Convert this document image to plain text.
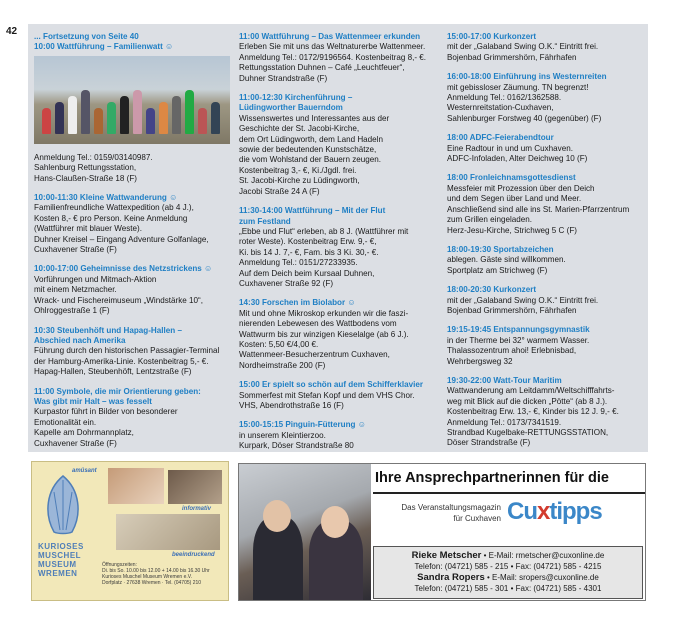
42 ... Fortsetzung von Seite 40
10:00 Wattführung – Familienwatt ☺
Anmeldung Tel.: 0159/03140987.
Sahlenburg Rettungsstation,
Hans-Claußen-Straße 18 (F)
10:00-11:30 Kleine Wattwanderung ☺
Familienfreundliche Wattexpedition (ab 4 J.),
Kosten 8,- € pro Person. Keine Anmeldung
(Wattführer mit blauer Weste).
Duhner Kreisel – Eingang Adventure Golfanlage,
Cuxhavener Straße (F)
10:00-17:00 Geheimnisse des Netzstrickens ☺
Vorführungen und Mitmach-Aktion
mit einem Netzmacher.
Wrack- und Fischereimuseum „Windstärke 10“,
Ohlroggestraße 1 (F)
10:30 Steubenhöft und Hapag-Hallen –
Abschied nach Amerika
Führung durch den historischen Passagier-Terminal
der Hamburg-Amerika-Linie. Kostenbeitrag 5,- €.
Hapag-Hallen, Steubenhöft, Lentzstraße (F)
11:00 Symbole, die mir Orientierung geben:
Was gibt mir Halt – was fesselt
Kurpastor führt in Bilder von besonderer
Emotionalität ein.
Kapelle am Dohrmannplatz,
Cuxhavener Straße (F)
11:00 Wattführung – Das Wattenmeer erkunden
Erleben Sie mit uns das Weltnaturerbe Wattenmeer.
Anmeldung Tel.: 0172/9196564. Kostenbeitrag 8,- €.
Rettungsstation Duhnen – Café „Leuchtfeuer“,
Duhner Strandstraße (F)
11:00-12:30 Kirchenführung –
Lüdingworther Bauerndom
Wissenswertes und Interessantes aus der
Geschichte der St. Jacobi-Kirche,
dem Ort Lüdingworth, dem Land Hadeln
sowie der bedeutenden Kunstschätze,
die vom Wohlstand der Bauern zeugen.
Kostenbeitrag 3,- €, Ki./Jgdl. frei.
St. Jacobi-Kirche zu Lüdingworth,
Jacobi Straße 24 A (F)
11:30-14:00 Wattführung – Mit der Flut
zum Festland
„Ebbe und Flut“ erleben, ab 8 J. (Wattführer mit
roter Weste). Kostenbeitrag Erw. 9,- €,
Ki. bis 14 J. 7,- €, Fam. bis 3 Ki. 30,- €.
Anmeldung Tel.: 0151/27233935.
Auf dem Deich beim Kursaal Duhnen,
Cuxhavener Straße 92 (F)
14:30 Forschen im Biolabor ☺
Mit und ohne Mikroskop erkunden wir die faszi-
nierenden Lebewesen des Wattbodens vom
Wattwurm bis zur winzigen Kieselalge (ab 6 J.).
Kosten: 5,50 €/4,00 €.
Wattenmeer-Besucherzentrum Cuxhaven,
Nordheimstraße 200 (F)
15:00 Er spielt so schön auf dem Schifferklavier
Sommerfest mit Stefan Kopf und dem VHS Chor.
VHS, Abendrothstraße 16 (F)
15:00-15:15 Pinguin-Fütterung ☺
in unserem Kleintierzoo.
Kurpark, Döser Strandstraße 80
15:00-17:00 Kurkonzert
mit der „Galaband Swing O.K.“ Eintritt frei.
Bojenbad Grimmershörn, Fährhafen
16:00-18:00 Einführung ins Westernreiten
mit gebissloser Zäumung. TN begrenzt!
Anmeldung Tel.: 0162/1362588.
Westernreitstation-Cuxhaven,
Sahlenburger Forstweg 40 (gegenüber) (F)
18:00 ADFC-Feierabendtour
Eine Radtour in und um Cuxhaven.
ADFC-Infoladen, Alter Deichweg 10 (F)
18:00 Fronleichnamsgottesdienst
Messfeier mit Prozession über den Deich
und dem Segen über Land und Meer.
Anschließend sind alle ins St. Marien-Pfarrzentrum
zum Grillen eingeladen.
Herz-Jesu-Kirche, Strichweg 5 C (F)
18:00-19:30 Sportabzeichen
ablegen. Gäste sind willkommen.
Sportplatz am Strichweg (F)
18:00-20:30 Kurkonzert
mit der „Galaband Swing O.K.“ Eintritt frei.
Bojenbad Grimmershörn, Fährhafen
19:15-19:45 Entspannungsgymnastik
in der Therme bei 32° warmem Wasser.
Thalassozentrum ahoi! Erlebnisbad,
Wehrbergsweg 32
19:30-22:00 Watt-Tour Maritim
Wattwanderung am Leitdamm/Weltschifffahrts-
weg mit Blick auf die dicken „Pötte“ (ab 8 J.).
Kostenbeitrag Erw. 13,- €, Kinder bis 12 J. 9,- €.
Anmeldung Tel.: 0173/7341519.
Strandbad Kugelbake-RETTUNGSSTATION,
Döser Strandstraße (F)
amüsant
informativ
beeindruckend
KURIOSES MUSCHEL MUSEUM WREMEN
Öffnungszeiten:
Di. bis So. 10.00 bis 12.00 + 14.00 bis 16.30 Uhr
Kurioses Muschel Museum Wremen e.V.
Dorfplatz · 27638 Wremen · Tel. (04705) 210
Ihre Ansprechpartnerinnen für die
Das Veranstaltungsmagazin
für Cuxhaven Cuxtipps
Rieke Metscher • E-Mail: rmetscher@cuxonline.de
Telefon: (04721) 585 - 215 • Fax: (04721) 585 - 4215
Sandra Ropers • E-Mail: sropers@cuxonline.de
Telefon: (04721) 585 - 301 • Fax: (04721) 585 - 4301
